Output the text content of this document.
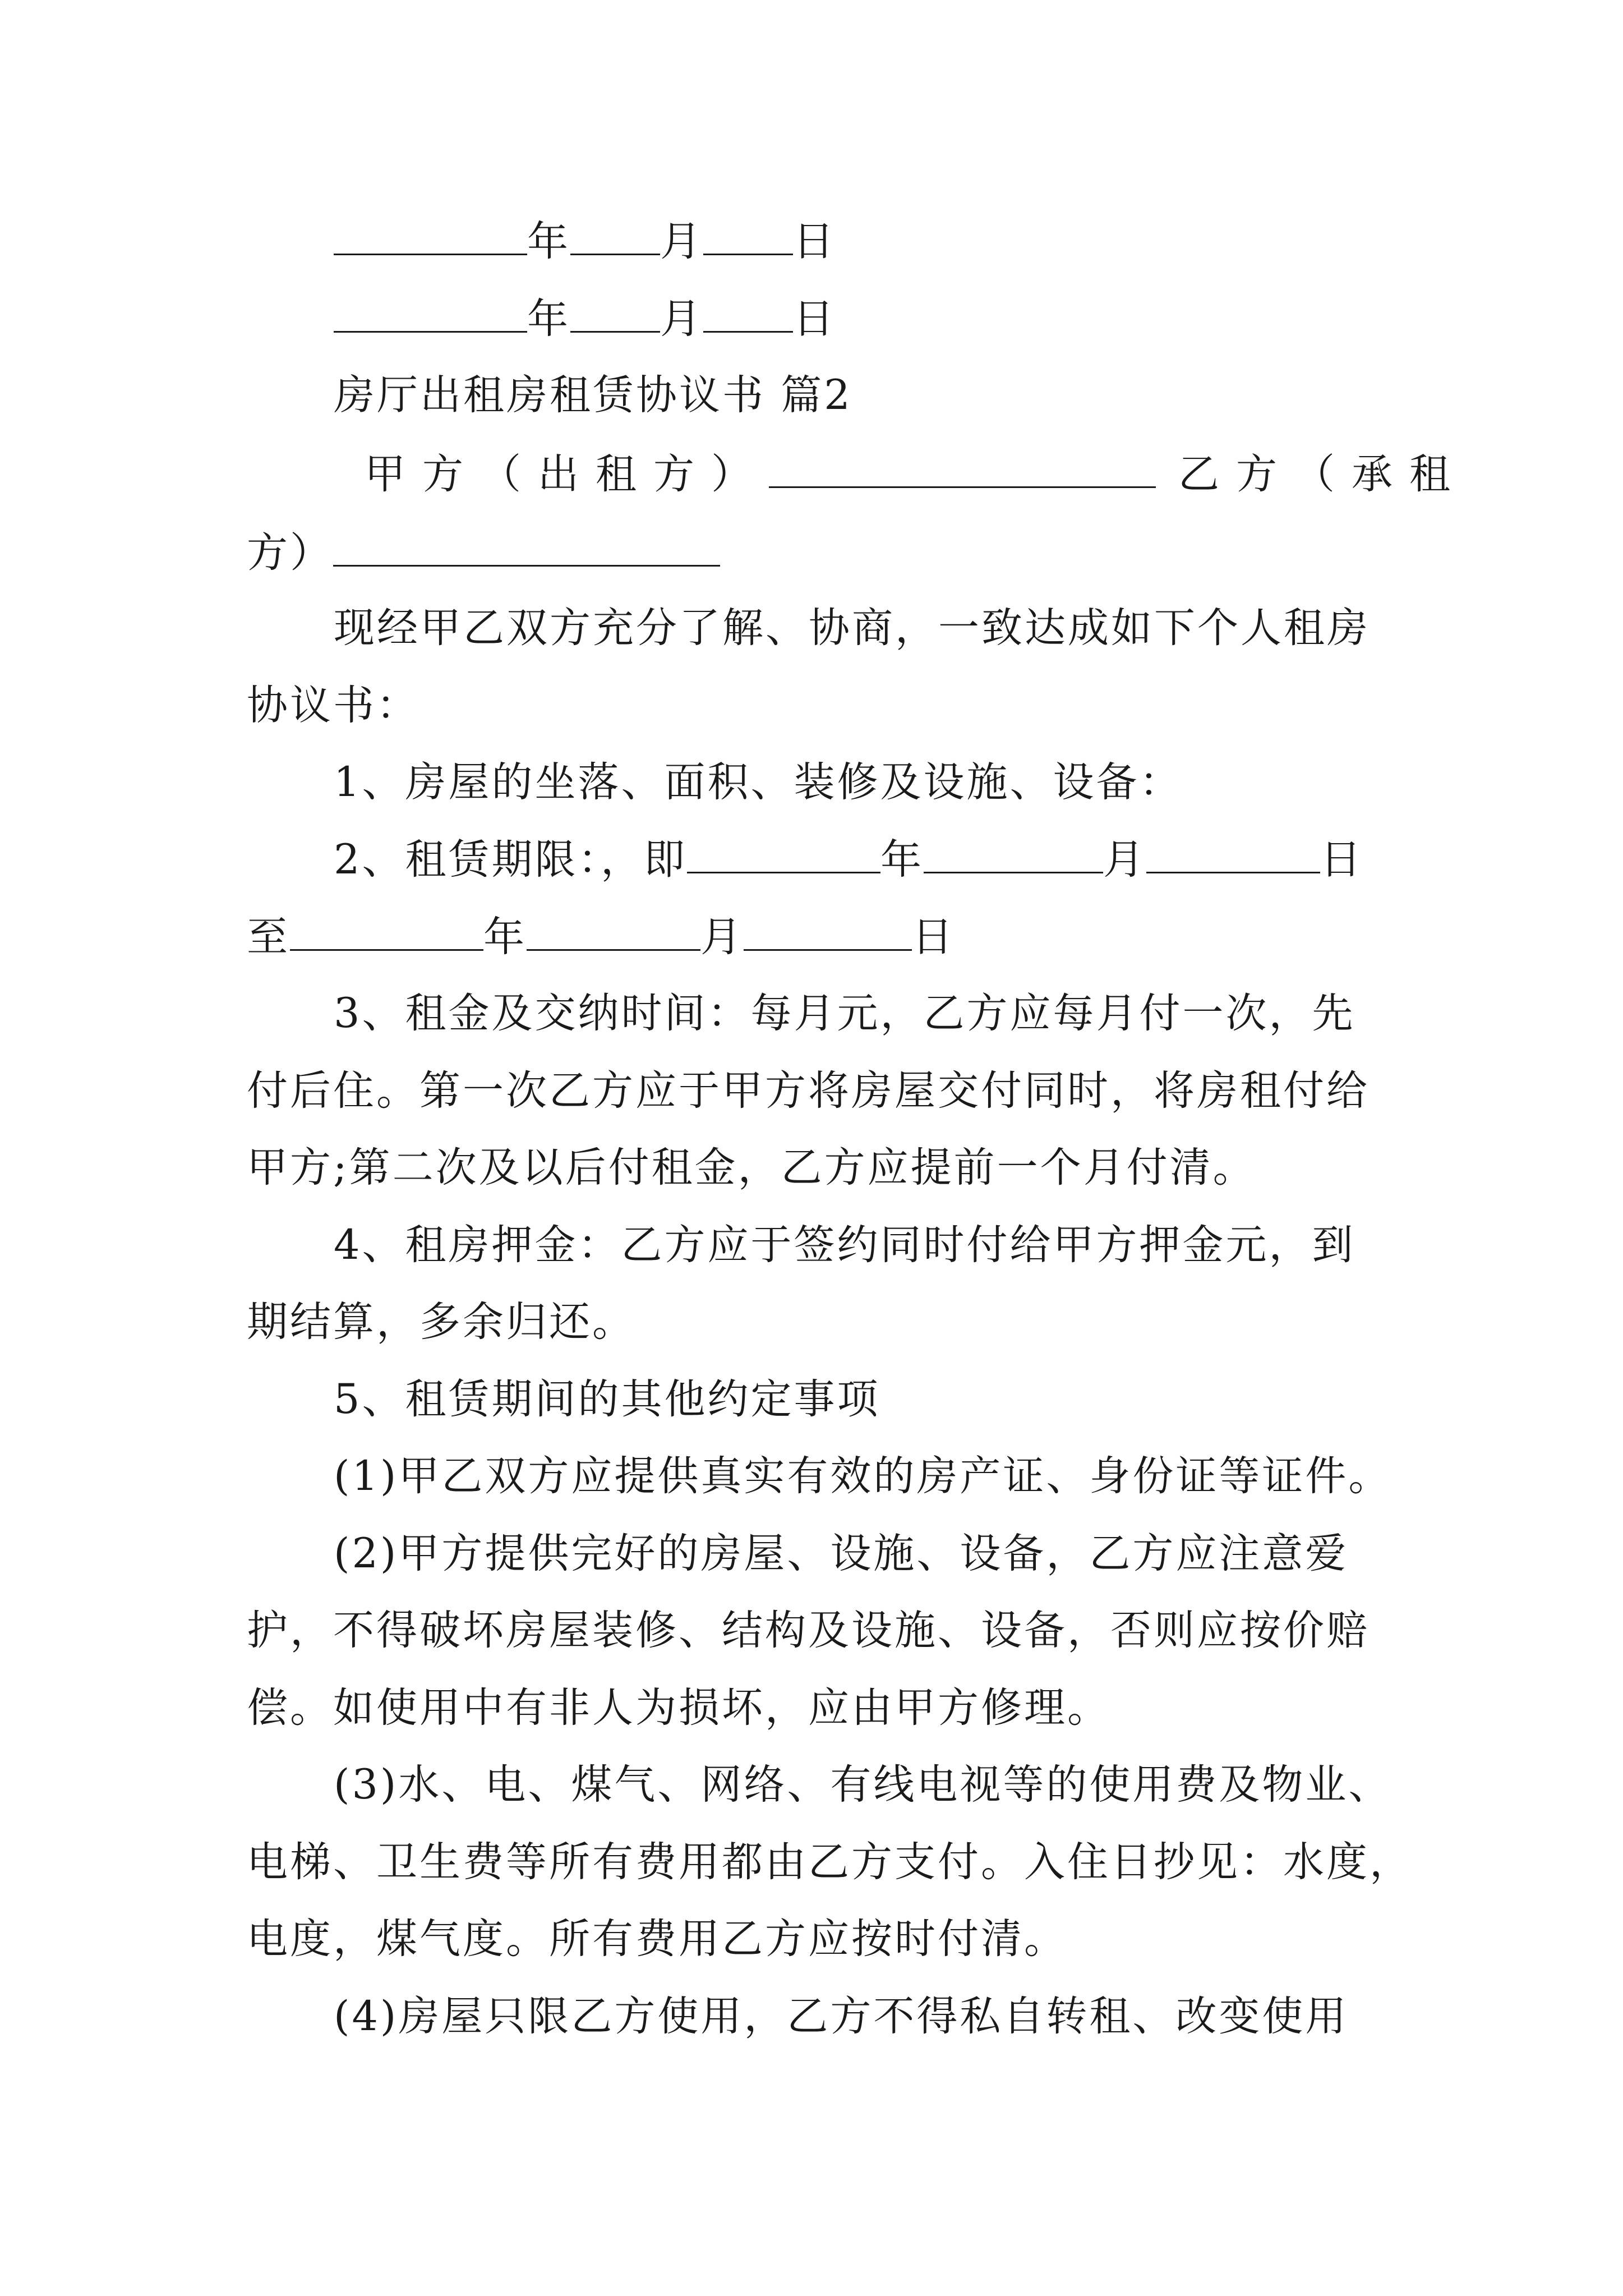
年 月 日
年 月 日
房厅出租房租赁协议书 篇2
甲方（出租方）	乙方（承租
方）
现经甲乙双方充分了解、协商，一致达成如下个人租房
协议书：
1、房屋的坐落、面积、装修及设施、设备：
2、租赁期限：，即	年	月	日
至	年	月	日
3、租金及交纳时间：每月元，乙方应每月付一次，先
付后住。第一次乙方应于甲方将房屋交付同时，将房租付给
甲方;第二次及以后付租金，乙方应提前一个月付清。
4、租房押金：乙方应于签约同时付给甲方押金元，到
期结算，多余归还。
5、租赁期间的其他约定事项
(1)甲乙双方应提供真实有效的房产证、身份证等证件。
(2)甲方提供完好的房屋、设施、设备，乙方应注意爱
护，不得破坏房屋装修、结构及设施、设备，否则应按价赔
偿。如使用中有非人为损坏，应由甲方修理。
(3)水、电、煤气、网络、有线电视等的使用费及物业、
电梯、卫生费等所有费用都由乙方支付。入住日抄见：水度，
电度，煤气度。所有费用乙方应按时付清。
(4)房屋只限乙方使用，乙方不得私自转租、改变使用
